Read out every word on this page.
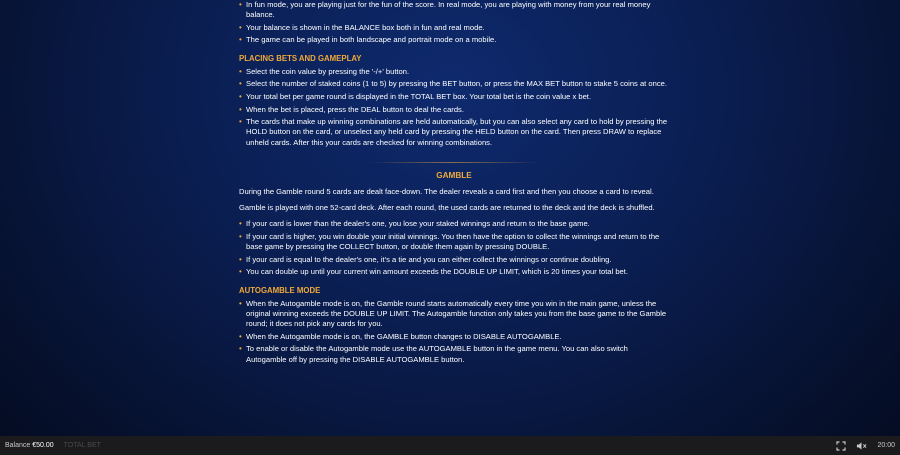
• In fun mode, you are playing just for the fun of the score. In real mode, you are playing with money from your real money balance.
• Your balance is shown in the BALANCE box both in fun and real mode.
• The game can be played in both landscape and portrait mode on a mobile.
PLACING BETS AND GAMEPLAY
• Select the coin value by pressing the '-/+' button.
• Select the number of staked coins (1 to 5) by pressing the BET button, or press the MAX BET button to stake 5 coins at once.
• Your total bet per game round is displayed in the TOTAL BET box. Your total bet is the coin value x bet.
• When the bet is placed, press the DEAL button to deal the cards.
• The cards that make up winning combinations are held automatically, but you can also select any card to hold by pressing the HOLD button on the card, or unselect any held card by pressing the HELD button on the card. Then press DRAW to replace unheld cards. After this your cards are checked for winning combinations.
GAMBLE

During the Gamble round 5 cards are dealt face-down. The dealer reveals a card first and then you choose a card to reveal.

Gamble is played with one 52-card deck. After each round, the used cards are returned to the deck and the deck is shuffled.

• If your card is lower than the dealer's one, you lose your staked winnings and return to the base game.
• If your card is higher, you win double your initial winnings. You then have the option to collect the winnings and return to the base game by pressing the COLLECT button, or double them again by pressing DOUBLE.
• If your card is equal to the dealer's one, it's a tie and you can either collect the winnings or continue doubling.
• You can double up until your current win amount exceeds the DOUBLE UP LIMIT, which is 20 times your total bet.
AUTOGAMBLE MODE
• When the Autogamble mode is on, the Gamble round starts automatically every time you win in the main game, unless the original winning exceeds the DOUBLE UP LIMIT. The Autogamble function only takes you from the base game to the Gamble round; it does not pick any cards for you.
• When the Autogamble mode is on, the GAMBLE button changes to DISABLE AUTOGAMBLE.
• To enable or disable the Autogamble mode use the AUTOGAMBLE button in the game menu. You can also switch Autogamble off by pressing the DISABLE AUTOGAMBLE button.
Balance €50.00 TOTAL BET	20:00
